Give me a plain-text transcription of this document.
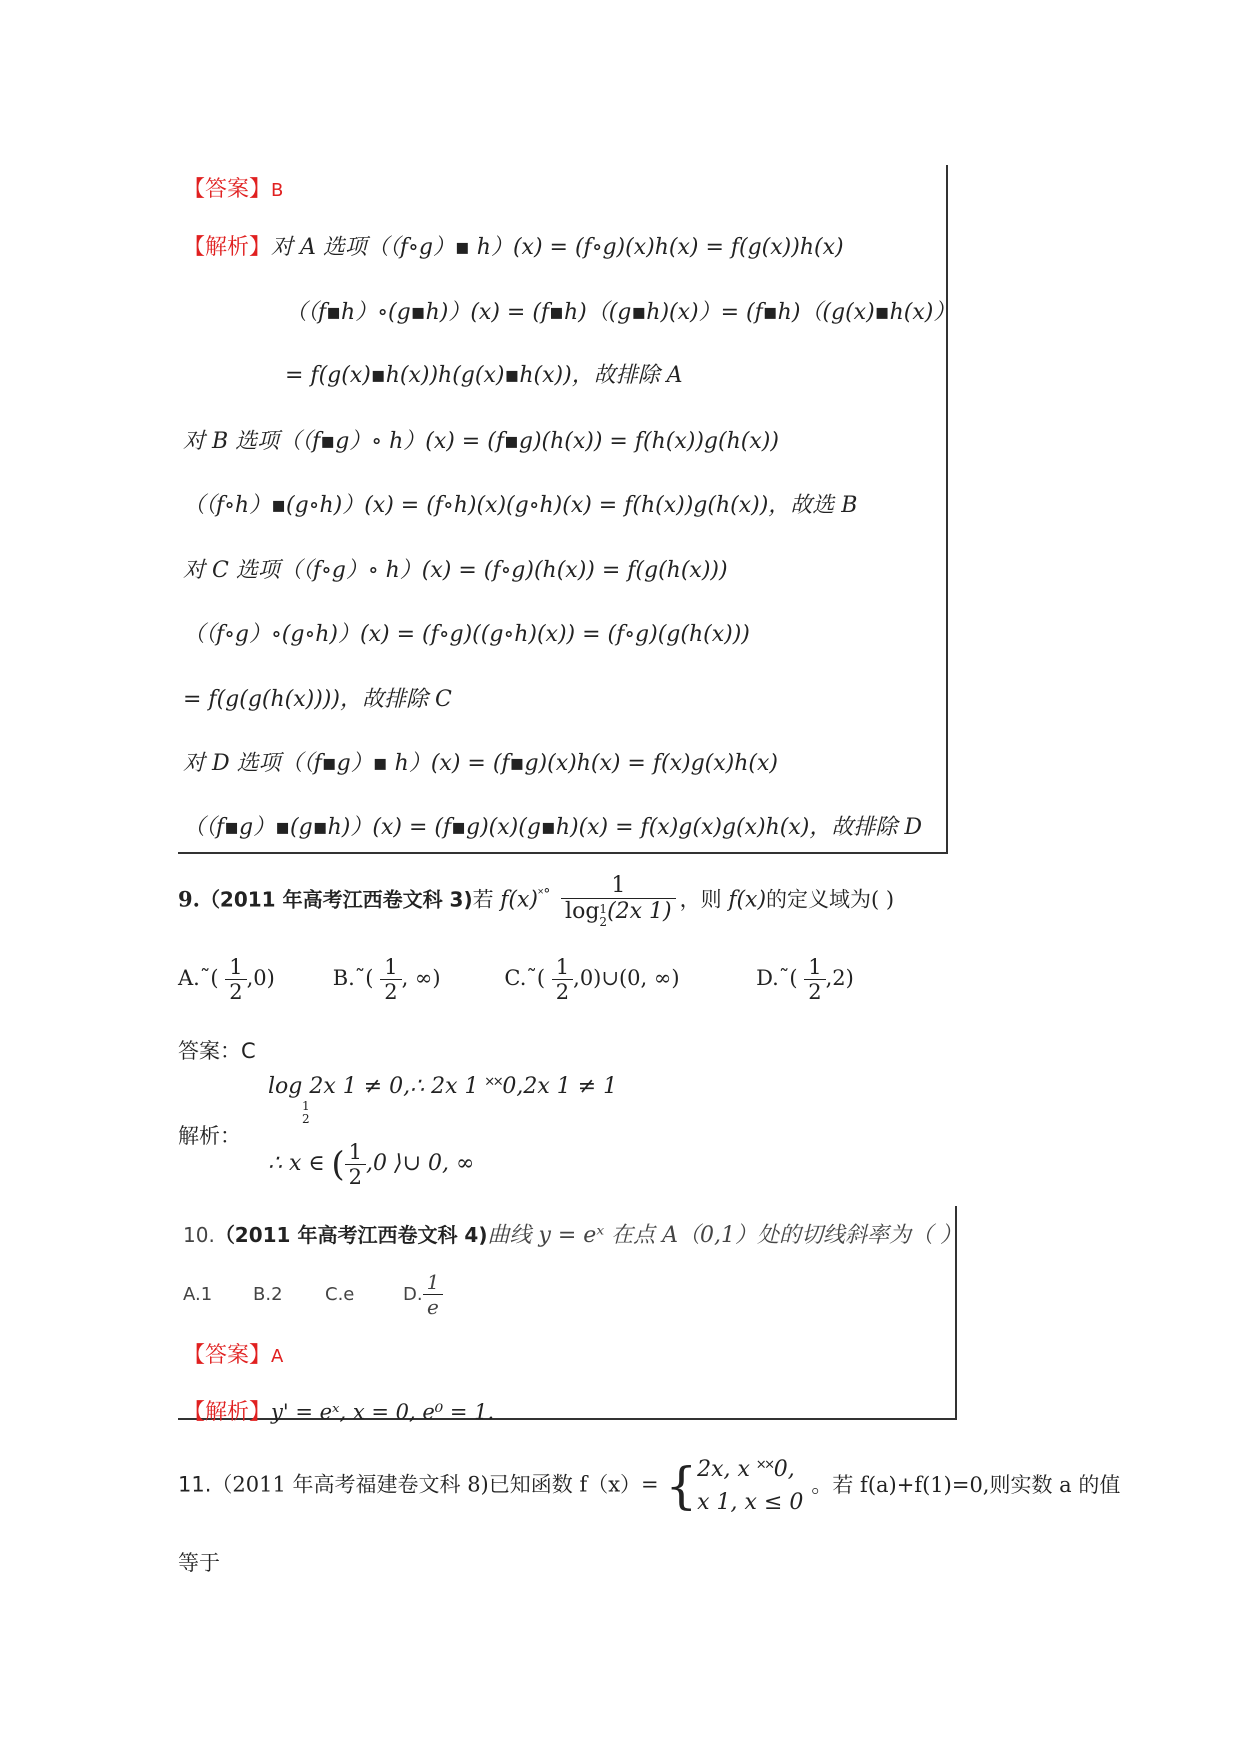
【答案】B
【解析】对 A 选项（（f∘g）▪ h）(x) = (f∘g)(x)h(x) = f(g(x))h(x)
（（f▪h）∘(g▪h)）(x) = (f▪h)（(g▪h)(x)）= (f▪h)（(g(x)▪h(x)）
= f(g(x)▪h(x))h(g(x)▪h(x))，故排除 A
对 B 选项（（f▪g）∘ h）(x) = (f▪g)(h(x)) = f(h(x))g(h(x))
（（f∘h）▪(g∘h)）(x) = (f∘h)(x)(g∘h)(x) = f(h(x))g(h(x))，故选 B
对 C 选项（（f∘g）∘ h）(x) = (f∘g)(h(x)) = f(g(h(x)))
（（f∘g）∘(g∘h)）(x) = (f∘g)((g∘h)(x)) = (f∘g)(g(h(x)))
= f(g(g(h(x))))，故排除 C
对 D 选项（（f▪g）▪ h）(x) = (f▪g)(x)h(x) = f(x)g(x)h(x)
（（f▪g）▪(g▪h)）(x) = (f▪g)(x)(g▪h)(x) = f(x)g(x)g(x)h(x)，故排除 D
9.（2011 年高考江西卷文科 3)若 f(x)˟°	1
log1
2(2x 1) ，则 f(x)的定义域为( )
A.˜( $\frac{1}{2} ,0$)	B.˜( $\frac{1}{2}$ , ∞)	C.˜( $\frac{1}{2}$ ,0)∪(0, ∞)	D.˜( $\frac{1}{2} ,2$)
答案：C
log 2x 1 ≠ 0,∴ 2x 1 ˟˟0,2x 1 ≠ 1
1
2
解析：
∴ x ∈ ( $\frac{1}{2} ,0$ ⟩∪ 0, ∞
10.（2011 年高考江西卷文科 4)曲线 y = eˣ 在点 A（0,1）处的切线斜率为（ ）
A.1 B.2 C.e	D. $\frac{1}{e}$
【答案】A
【解析】y' = eˣ, x = 0, e⁰ = 1.
11.（2011 年高考福建卷文科 8)已知函数 f（x）= {2x, x ˟˟0,
x 1, x ≤ 0。若 f(a)+f(1)=0,则实数 a 的值
等于
